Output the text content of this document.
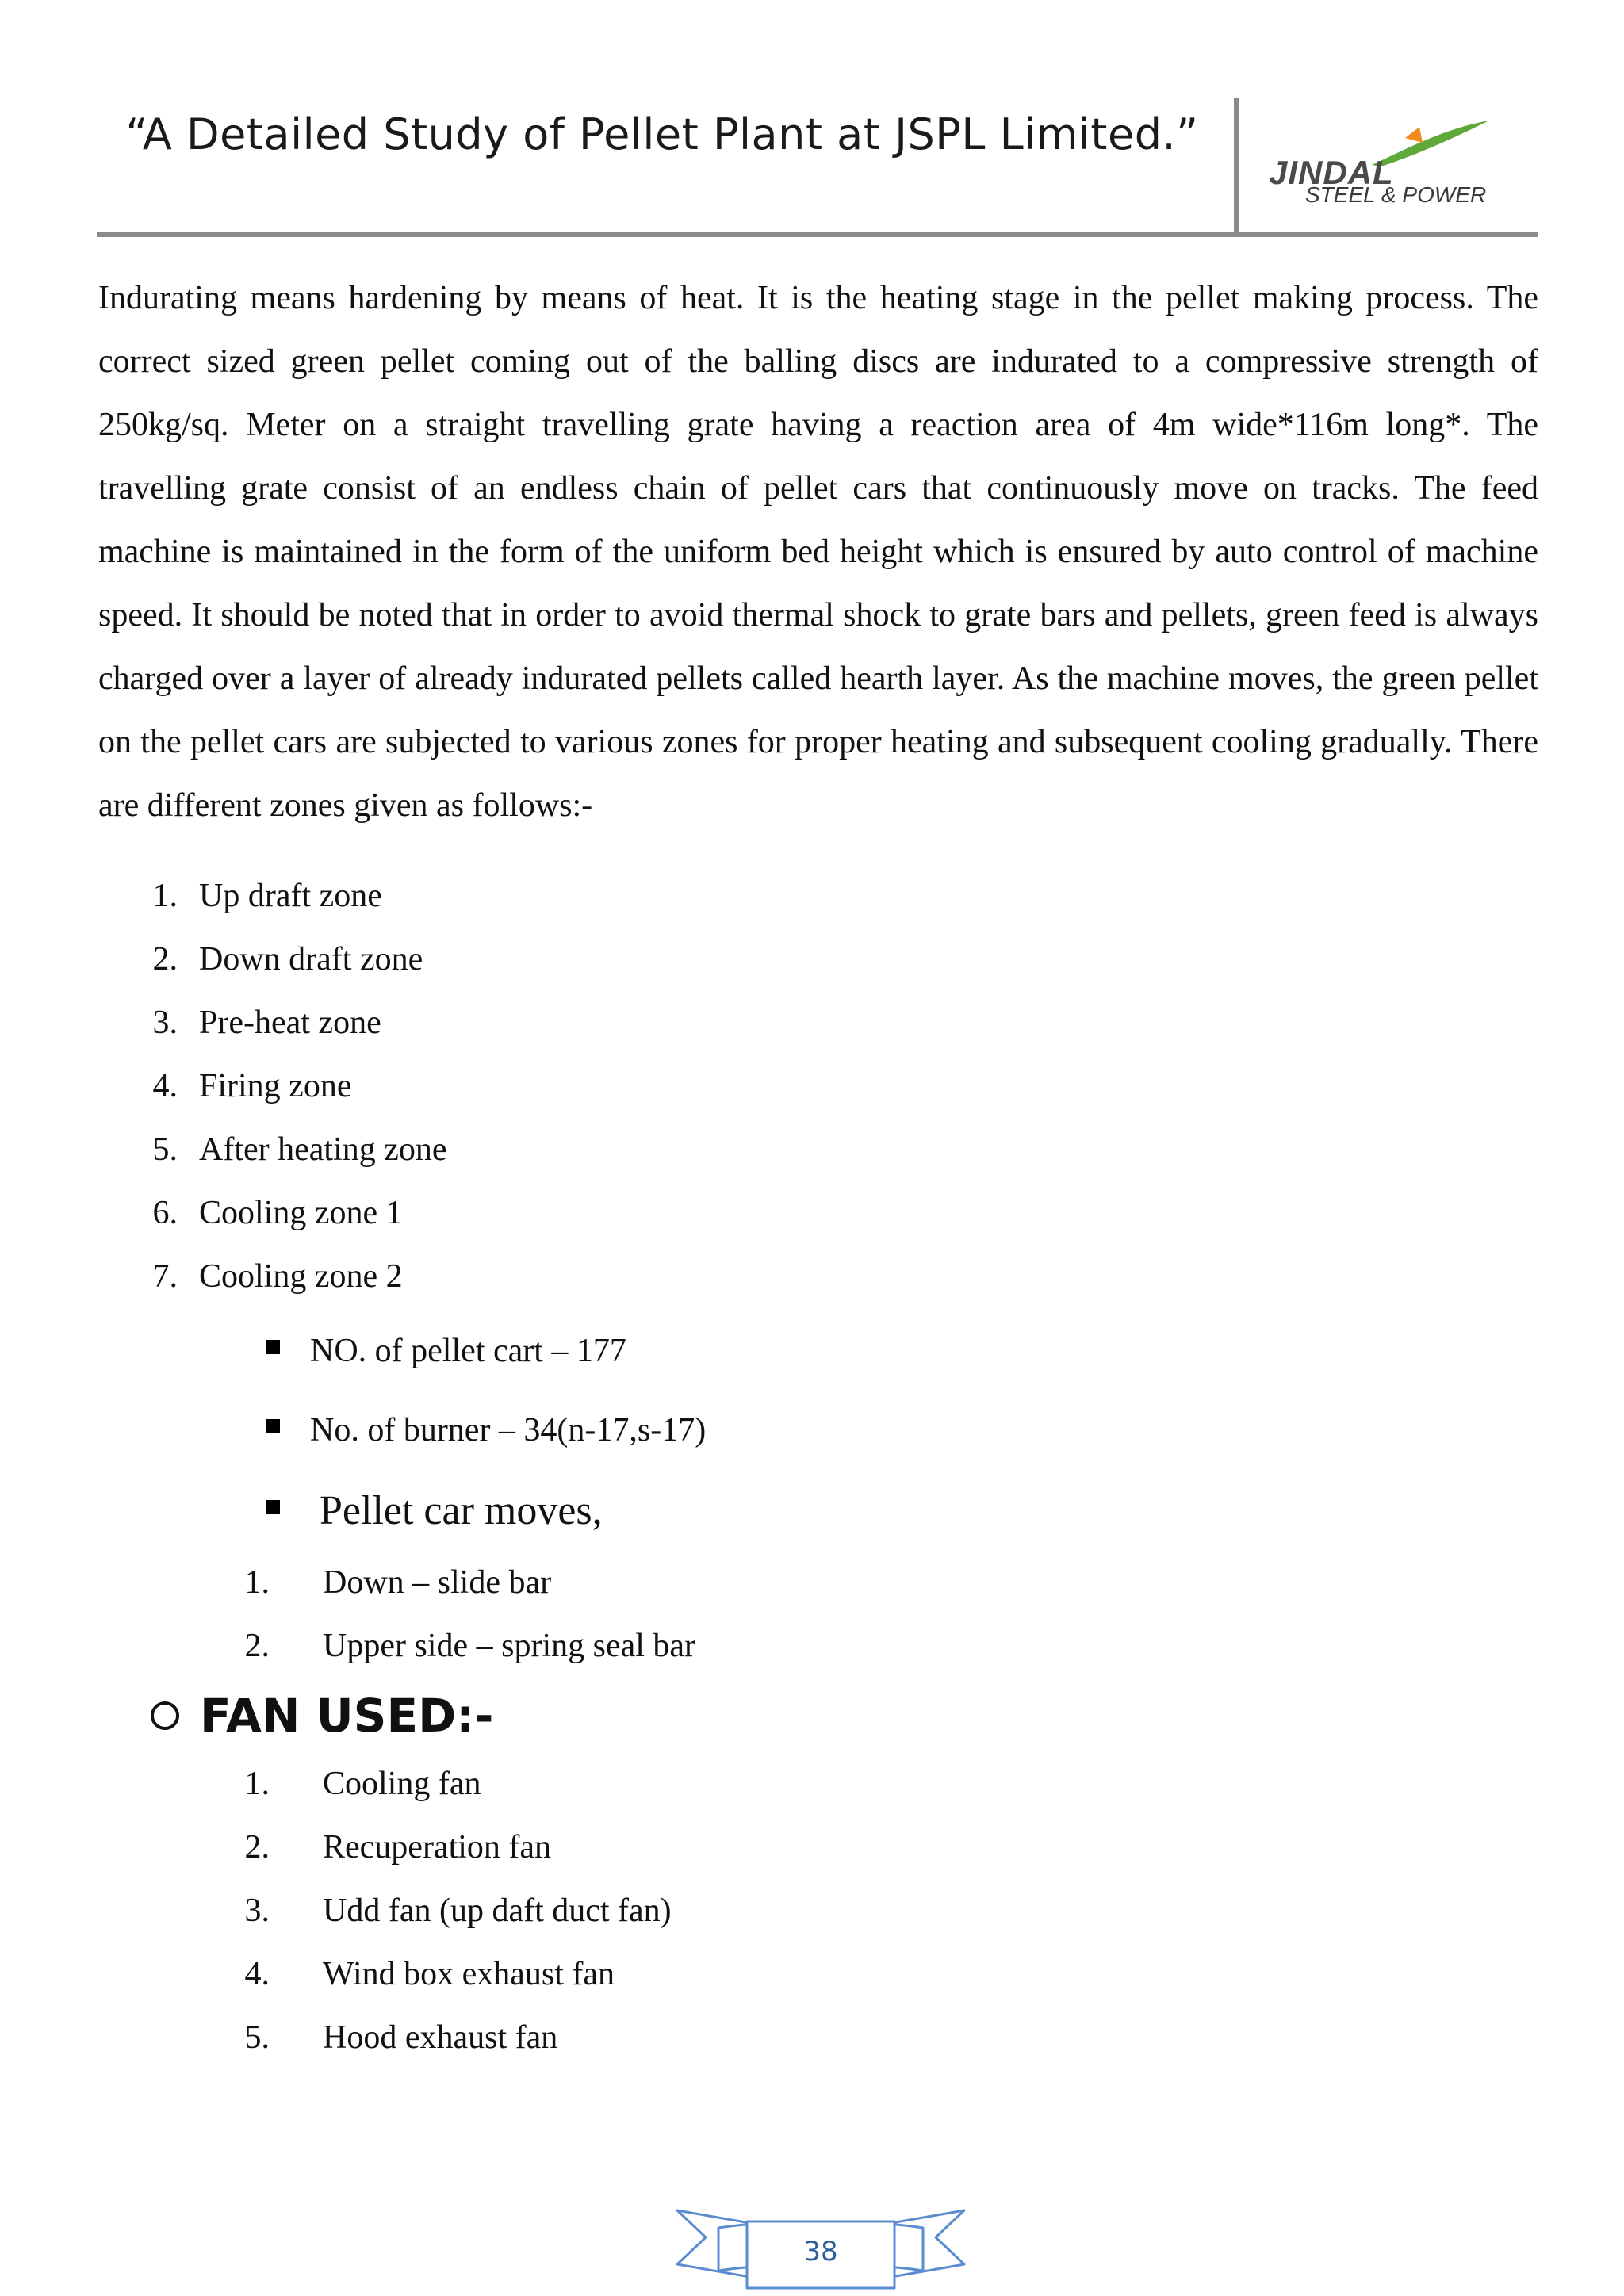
“A Detailed Study of Pellet Plant at JSPL Limited.”
JINDAL
STEEL & POWER

Indurating means hardening by means of heat. It is the heating stage in the pellet making process. The correct sized green pellet coming out of the balling discs are indurated to a compressive strength of 250kg/sq. Meter on a straight travelling grate having a reaction area of 4m wide*116m long*. The travelling grate consist of an endless chain of pellet cars that continuously move on tracks. The feed machine is maintained in the form of the uniform bed height which is ensured by auto control of machine speed. It should be noted that in order to avoid thermal shock to grate bars and pellets, green feed is always charged over a layer of already indurated pellets called hearth layer. As the machine moves, the green pellet on the pellet cars are subjected to various zones for proper heating and subsequent cooling gradually. There are different zones given as follows:-

1. Up draft zone
2. Down draft zone
3. Pre-heat zone
4. Firing zone
5. After heating zone
6. Cooling zone 1
7. Cooling zone 2
NO. of pellet cart – 177
No. of burner – 34(n-17,s-17)
Pellet car moves,
1. Down – slide bar
2. Upper side – spring seal bar
FAN USED:-
1. Cooling fan
2. Recuperation fan
3. Udd fan (up daft duct fan)
4. Wind box exhaust fan
5. Hood exhaust fan
38
